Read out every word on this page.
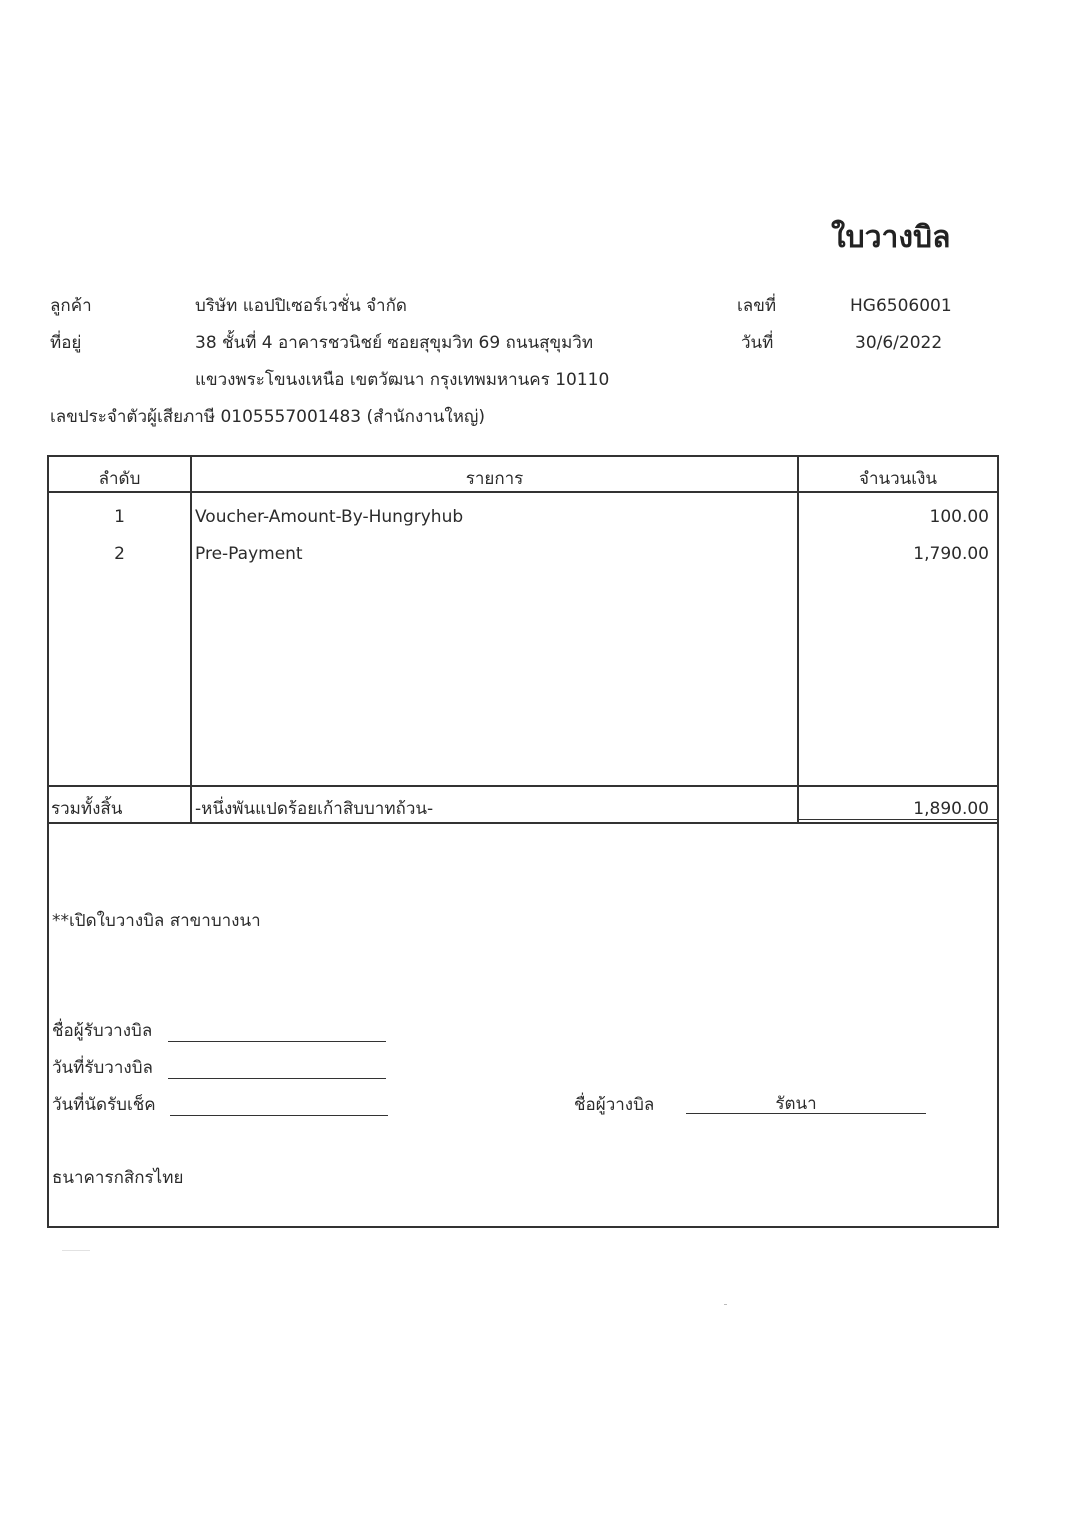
ใบวางบิล
ลูกค้า	บริษัท แอปปิเซอร์เวชั่น จำกัด
ที่อยู่	38 ชั้นที่ 4 อาคารชวนิชย์ ซอยสุขุมวิท 69 ถนนสุขุมวิท
แขวงพระโขนงเหนือ เขตวัฒนา กรุงเทพมหานคร 10110
เลขประจำตัวผู้เสียภาษี 0105557001483 (สำนักงานใหญ่)
เลขที่	HG6506001
วันที่	30/6/2022
ลำดับ	รายการ	จำนวนเงิน
1	Voucher-Amount-By-Hungryhub	100.00
2	Pre-Payment	1,790.00
รวมทั้งสิ้น	-หนึ่งพันแปดร้อยเก้าสิบบาทถ้วน-	1,890.00
**เปิดใบวางบิล สาขาบางนา
ชื่อผู้รับวางบิล
วันที่รับวางบิล
วันที่นัดรับเช็ค	ชื่อผู้วางบิล	รัตนา
ธนาคารกสิกรไทย
